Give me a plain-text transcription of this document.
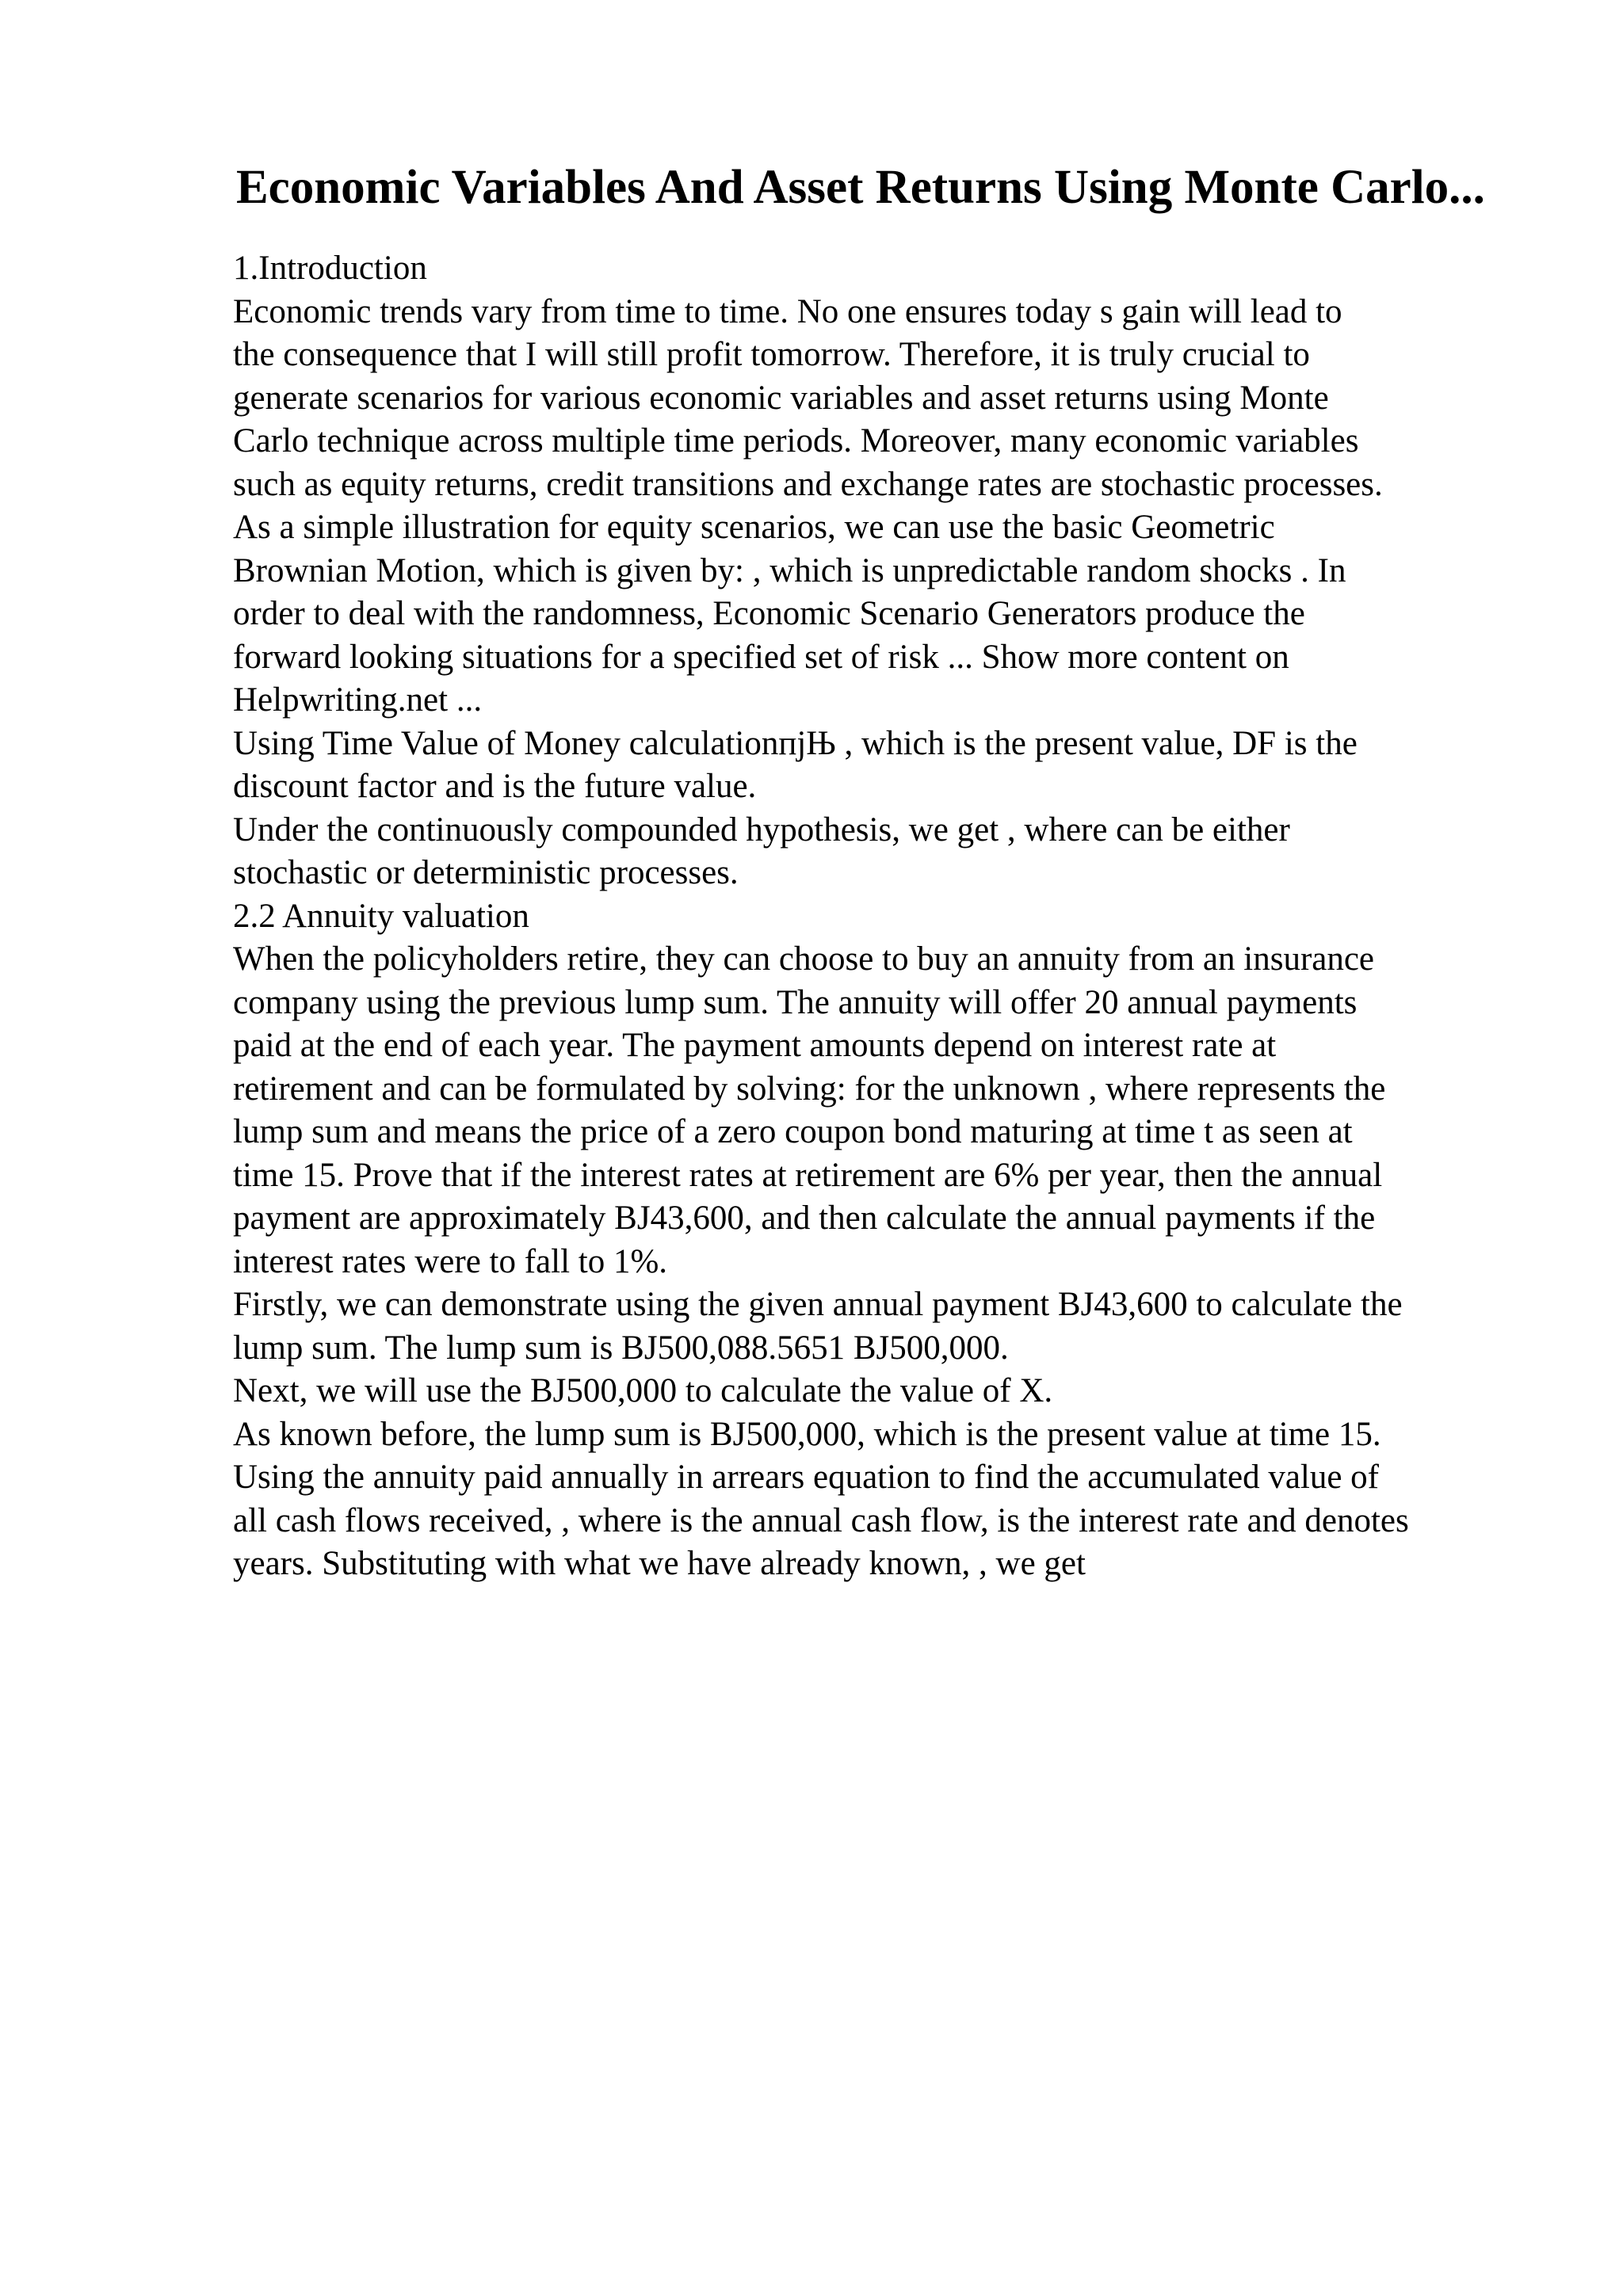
Economic Variables And Asset Returns Using Monte Carlo...
1.Introduction
Economic trends vary from time to time. No one ensures today s gain will lead to
the consequence that I will still profit tomorrow. Therefore, it is truly crucial to
generate scenarios for various economic variables and asset returns using Monte
Carlo technique across multiple time periods. Moreover, many economic variables
such as equity returns, credit transitions and exchange rates are stochastic processes.
As a simple illustration for equity scenarios, we can use the basic Geometric
Brownian Motion, which is given by: , which is unpredictable random shocks . In
order to deal with the randomness, Economic Scenario Generators produce the
forward looking situations for a specified set of risk ... Show more content on
Helpwriting.net ...
Using Time Value of Money calculationпјЊ , which is the present value, DF is the
discount factor and is the future value.
Under the continuously compounded hypothesis, we get , where can be either
stochastic or deterministic processes.
2.2 Annuity valuation
When the policyholders retire, they can choose to buy an annuity from an insurance
company using the previous lump sum. The annuity will offer 20 annual payments
paid at the end of each year. The payment amounts depend on interest rate at
retirement and can be formulated by solving: for the unknown , where represents the
lump sum and means the price of a zero coupon bond maturing at time t as seen at
time 15. Prove that if the interest rates at retirement are 6% per year, then the annual
payment are approximately BJ43,600, and then calculate the annual payments if the
interest rates were to fall to 1%.
Firstly, we can demonstrate using the given annual payment BJ43,600 to calculate the
lump sum. The lump sum is BJ500,088.5651 BJ500,000.
Next, we will use the BJ500,000 to calculate the value of X.
As known before, the lump sum is BJ500,000, which is the present value at time 15.
Using the annuity paid annually in arrears equation to find the accumulated value of
all cash flows received, , where is the annual cash flow, is the interest rate and denotes
years. Substituting with what we have already known, , we get
